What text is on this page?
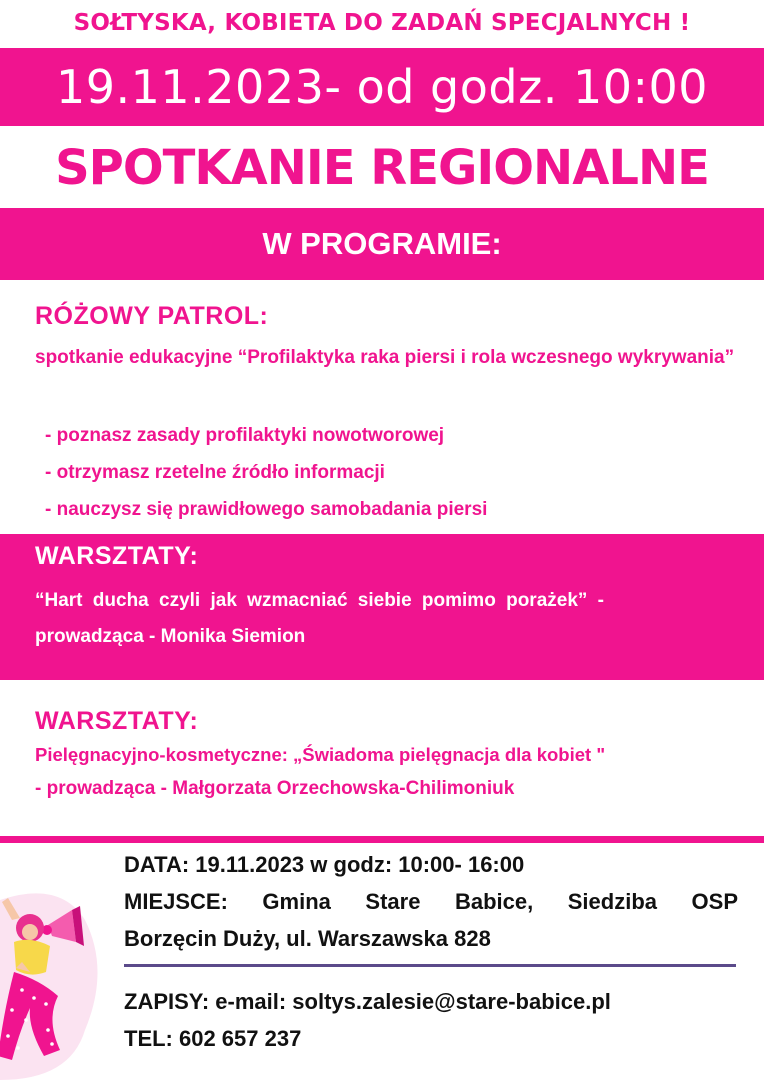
SOŁTYSKA, KOBIETA DO ZADAŃ SPECJALNYCH !
19.11.2023- od godz. 10:00
SPOTKANIE REGIONALNE
W PROGRAMIE:
RÓŻOWY PATROL:
spotkanie edukacyjne “Profilaktyka raka piersi i rola wczesnego wykrywania”
- poznasz zasady profilaktyki nowotworowej
- otrzymasz rzetelne źródło informacji
- nauczysz się prawidłowego samobadania piersi
WARSZTATY:
“Hart ducha czyli jak wzmacniać siebie pomimo porażek” -
prowadząca - Monika Siemion
WARSZTATY:
Pielęgnacyjno-kosmetyczne: „Świadoma pielęgnacja dla kobiet "
- prowadząca - Małgorzata Orzechowska-Chilimoniuk
DATA: 19.11.2023 w godz: 10:00- 16:00
MIEJSCE: Gmina Stare Babice, Siedziba OSP
Borzęcin Duży, ul. Warszawska 828
ZAPISY: e-mail: soltys.zalesie@stare-babice.pl
TEL: 602 657 237
